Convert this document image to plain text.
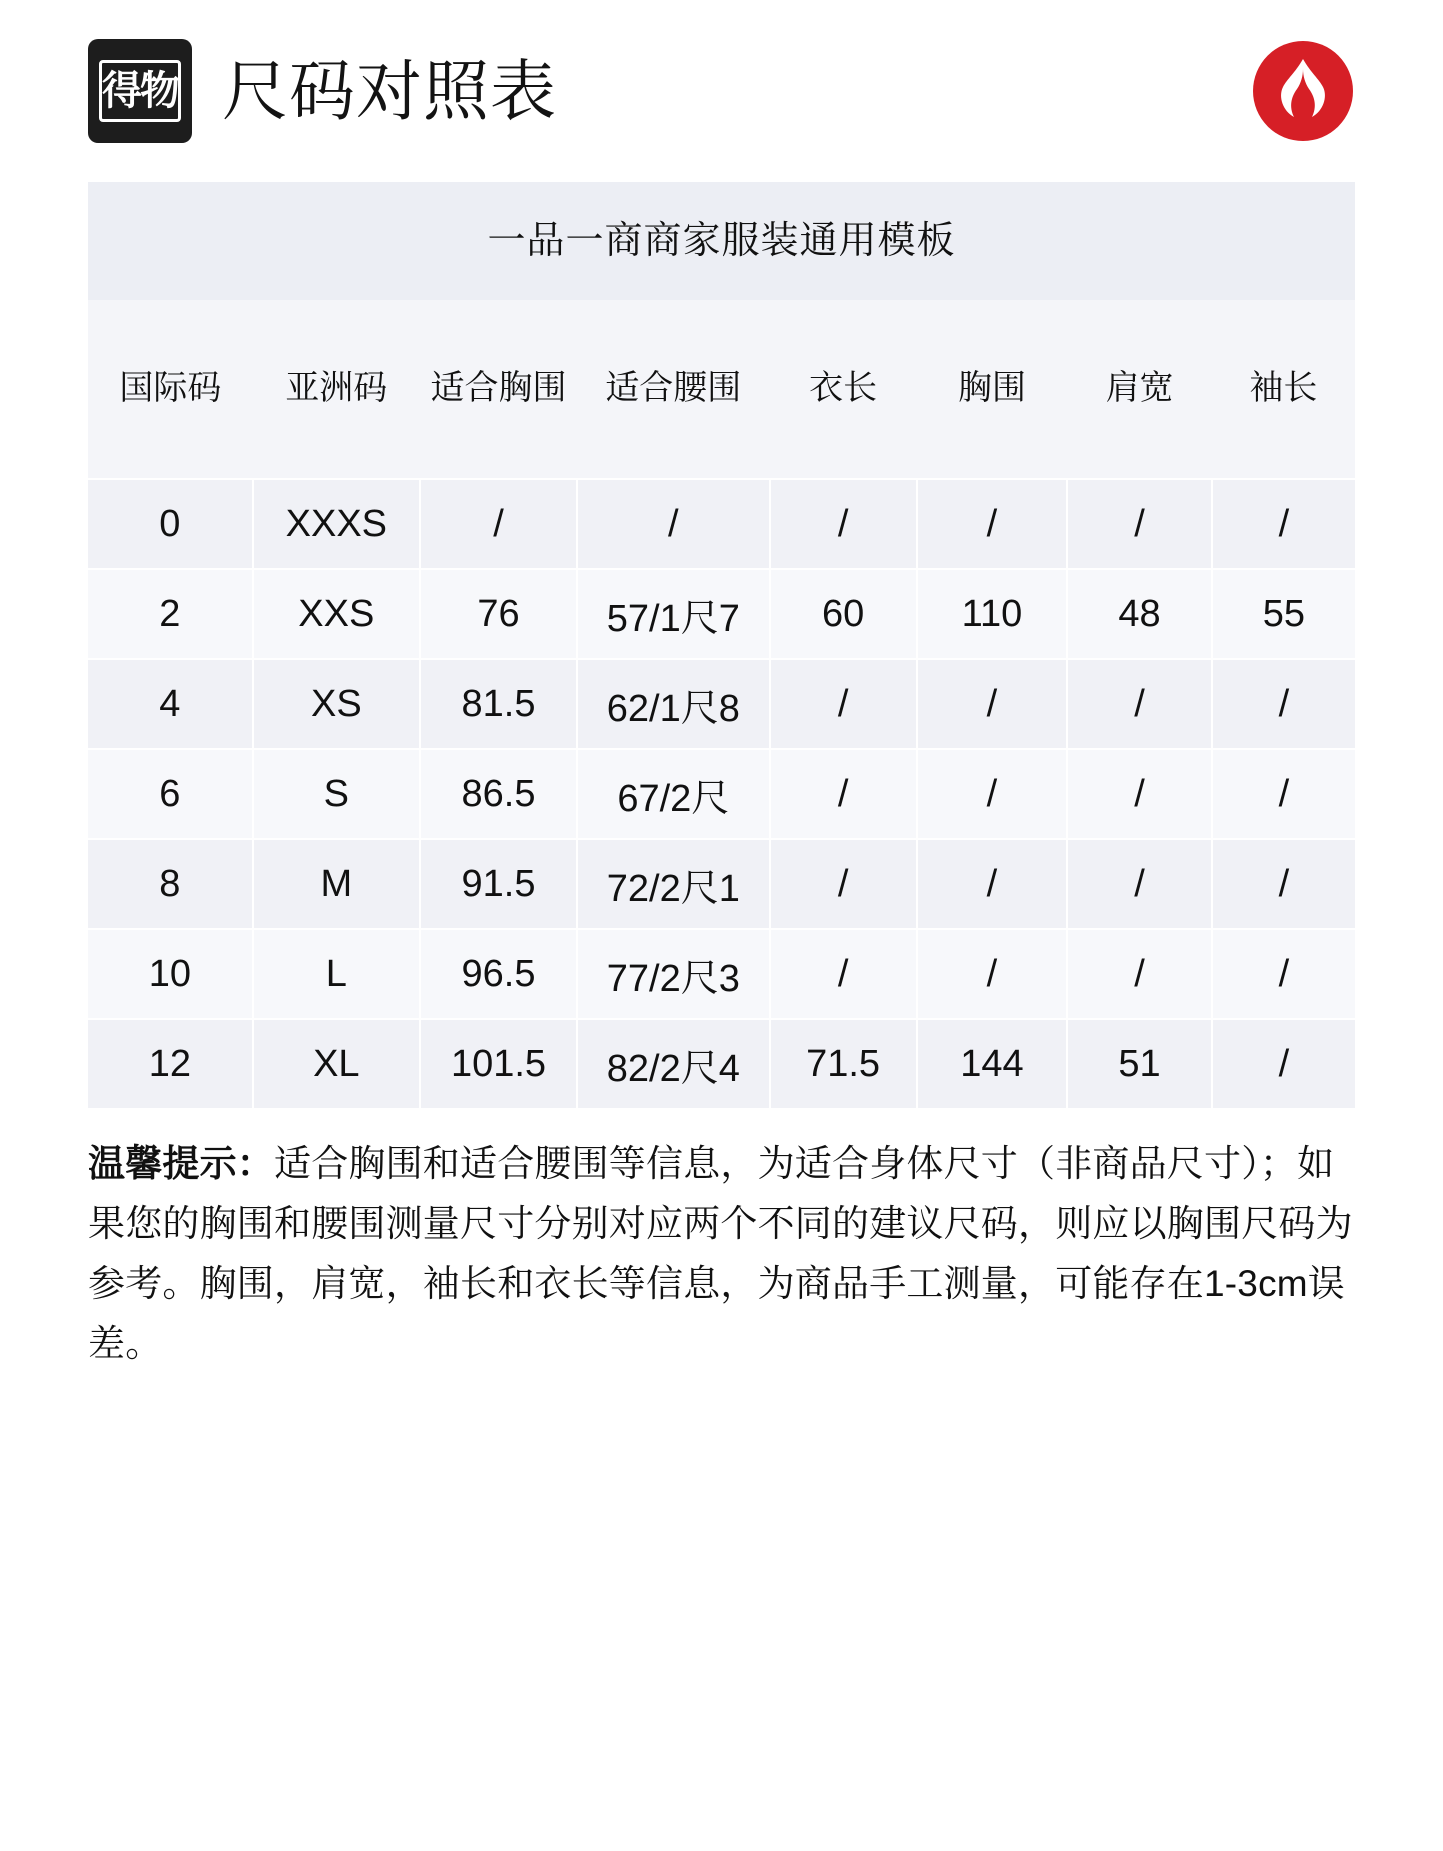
得物 尺码对照表
一品一商商家服装通用模板
国际码	亚洲码	适合胸围	适合腰围	衣长	胸围	肩宽	袖长
0	XXXS	/	/	/	/	/	/
2	XXS	76	57/1尺7	60	110	48	55
4	XS	81.5	62/1尺8	/	/	/	/
6	S	86.5	67/2尺	/	/	/	/
8	M	91.5	72/2尺1	/	/	/	/
10	L	96.5	77/2尺3	/	/	/	/
12	XL	101.5	82/2尺4	71.5	144	51	/
温馨提示：适合胸围和适合腰围等信息，为适合身体尺寸（非商品尺寸）；如果您的胸围和腰围测量尺寸分别对应两个不同的建议尺码，则应以胸围尺码为参考。胸围，肩宽，袖长和衣长等信息，为商品手工测量，可能存在1-3cm误差。
